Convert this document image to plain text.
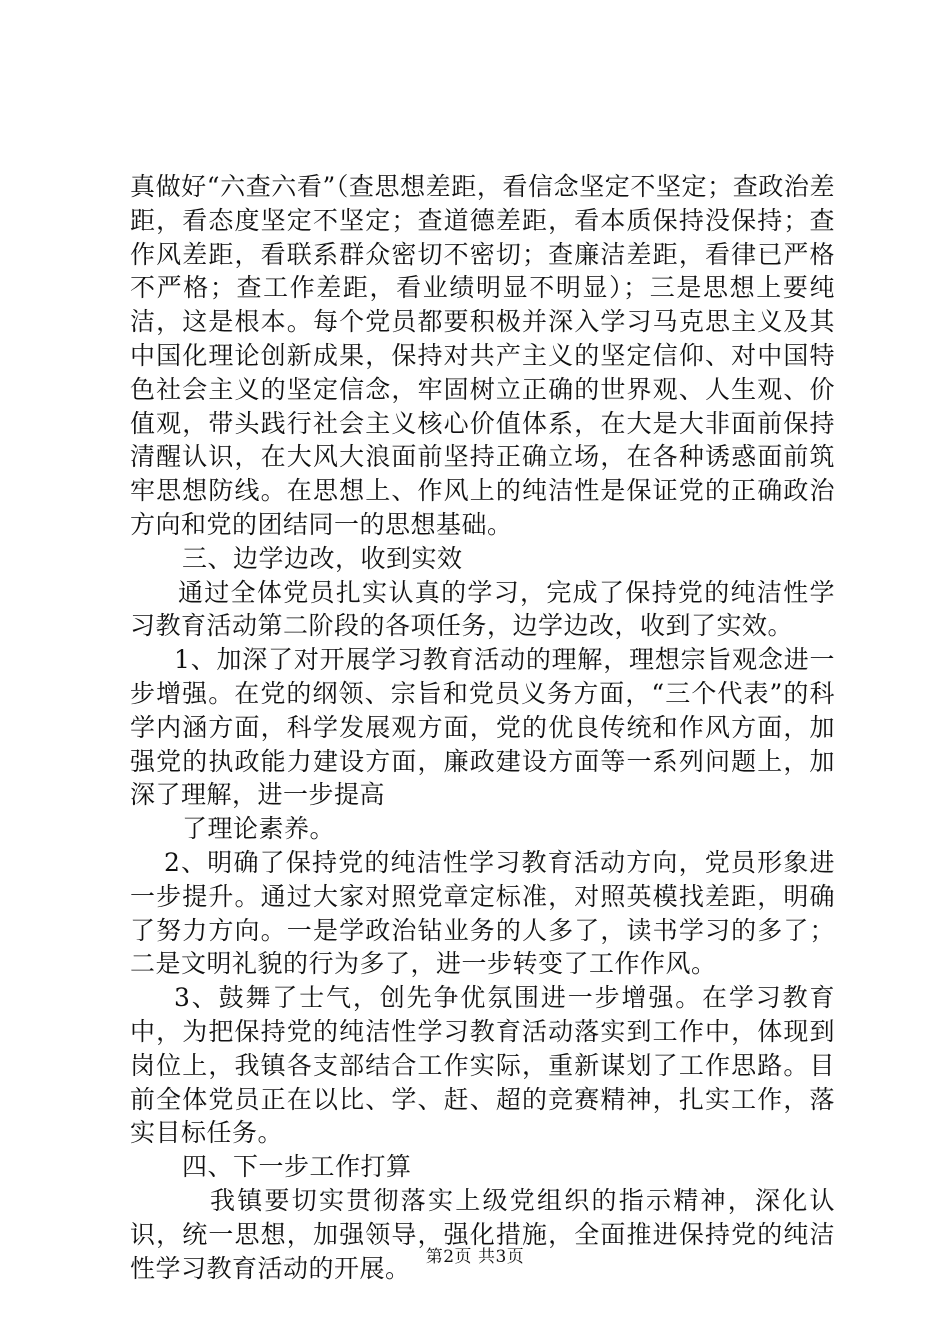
真做好“六查六看”（查思想差距，看信念坚定不坚定；查政治差距，看态度坚定不坚定；查道德差距，看本质保持没保持；查作风差距，看联系群众密切不密切；查廉洁差距，看律已严格不严格；查工作差距，看业绩明显不明显）；三是思想上要纯洁，这是根本。每个党员都要积极并深入学习马克思主义及其中国化理论创新成果，保持对共产主义的坚定信仰、对中国特色社会主义的坚定信念，牢固树立正确的世界观、人生观、价值观，带头践行社会主义核心价值体系，在大是大非面前保持清醒认识，在大风大浪面前坚持正确立场，在各种诱惑面前筑牢思想防线。在思想上、作风上的纯洁性是保证党的正确政治方向和党的团结同一的思想基础。

三、边学边改，收到实效

通过全体党员扎实认真的学习，完成了保持党的纯洁性学习教育活动第二阶段的各项任务，边学边改，收到了实效。

1、加深了对开展学习教育活动的理解，理想宗旨观念进一步增强。在党的纲领、宗旨和党员义务方面，“三个代表”的科学内涵方面，科学发展观方面，党的优良传统和作风方面，加强党的执政能力建设方面，廉政建设方面等一系列问题上，加深了理解，进一步提高

了理论素养。

2、明确了保持党的纯洁性学习教育活动方向，党员形象进一步提升。通过大家对照党章定标准，对照英模找差距，明确了努力方向。一是学政治钻业务的人多了，读书学习的多了；二是文明礼貌的行为多了，进一步转变了工作作风。

3、鼓舞了士气，创先争优氛围进一步增强。在学习教育中，为把保持党的纯洁性学习教育活动落实到工作中，体现到岗位上，我镇各支部结合工作实际，重新谋划了工作思路。目前全体党员正在以比、学、赶、超的竞赛精神，扎实工作，落实目标任务。

四、下一步工作打算

我镇要切实贯彻落实上级党组织的指示精神，深化认识，统一思想，加强领导，强化措施，全面推进保持党的纯洁性学习教育活动的开展。 第2页 共3页
